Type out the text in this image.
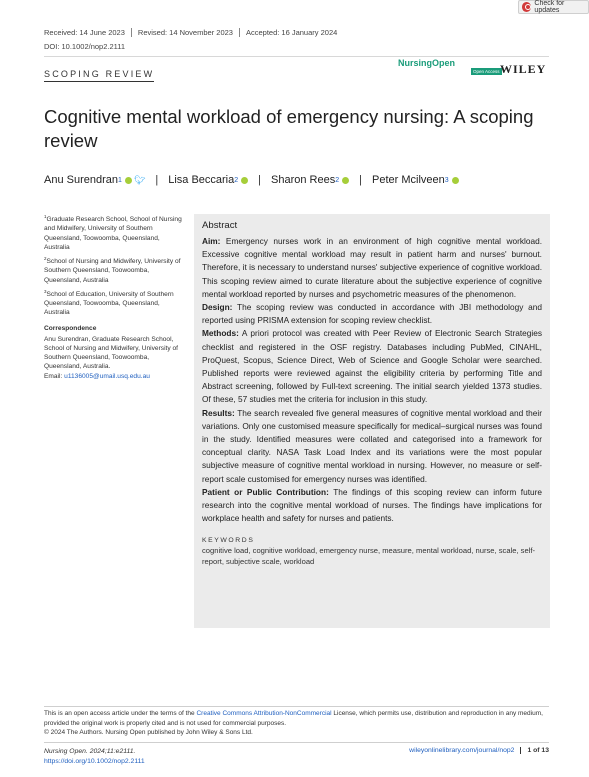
Check for updates
Received: 14 June 2023	Revised: 14 November 2023	Accepted: 16 January 2024
DOI: 10.1002/nop2.2111
SCOPING REVIEW
NursingOpen
Open Access WILEY
Cognitive mental workload of emergency nursing: A scoping review
Anu Surendran 1 🐦︎ | Lisa Beccaria 2 | Sharon Rees 2 | Peter Mcilveen 3

$^1$Graduate Research School, School of Nursing and Midwifery, University of Southern Queensland, Toowoomba, Queensland, Australia

$^2$School of Nursing and Midwifery, University of Southern Queensland, Toowoomba, Queensland, Australia

$^3$School of Education, University of Southern Queensland, Toowoomba, Queensland, Australia

Correspondence

Anu Surendran, Graduate Research School, School of Nursing and Midwifery, University of Southern Queensland, Toowoomba, Queensland, Australia.
Email: u1136005@umail.usq.edu.au

Abstract

Aim: Emergency nurses work in an environment of high cognitive mental workload. Excessive cognitive mental workload may result in patient harm and nurses' burnout. Therefore, it is necessary to understand nurses' subjective experience of cognitive workload. This scoping review aimed to curate literature about the subjective experience of cognitive mental workload reported by nurses and psychometric measures of the phenomenon.

Design: The scoping review was conducted in accordance with JBI methodology and reported using PRISMA extension for scoping review checklist.

Methods: A priori protocol was created with Peer Review of Electronic Search Strategies checklist and registered in the OSF registry. Databases including PubMed, CINAHL, ProQuest, Scopus, Science Direct, Web of Science and Google Scholar were searched. Published reports were reviewed against the eligibility criteria by performing Title and Abstract screening, followed by Full-text screening. The initial search yielded 1373 studies. Of these, 57 studies met the criteria for inclusion in this study.

Results: The search revealed five general measures of cognitive mental workload and their variations. Only one customised measure specifically for medical–surgical nurses was found in the study. Identified measures were collated and categorised into a framework for conceptual clarity. NASA Task Load Index and its variations were the most popular subjective measure of cognitive mental workload in nursing. However, no measure or self-report scale customised for emergency nurses was identified.

Patient or Public Contribution: The findings of this scoping review can inform future research into the cognitive mental workload of nurses. The findings have implications for workplace health and safety for nurses and patients.

KEYWORDS
cognitive load, cognitive workload, emergency nurse, measure, mental workload, nurse, scale, self-report, subjective scale, workload
This is an open access article under the terms of the Creative Commons Attribution-NonCommercial License, which permits use, distribution and reproduction in any medium, provided the original work is properly cited and is not used for commercial purposes.
© 2024 The Authors. Nursing Open published by John Wiley & Sons Ltd.
Nursing Open. 2024;11:e2111.
https://doi.org/10.1002/nop2.2111
wileyonlinelibrary.com/journal/nop2	1 of 13
